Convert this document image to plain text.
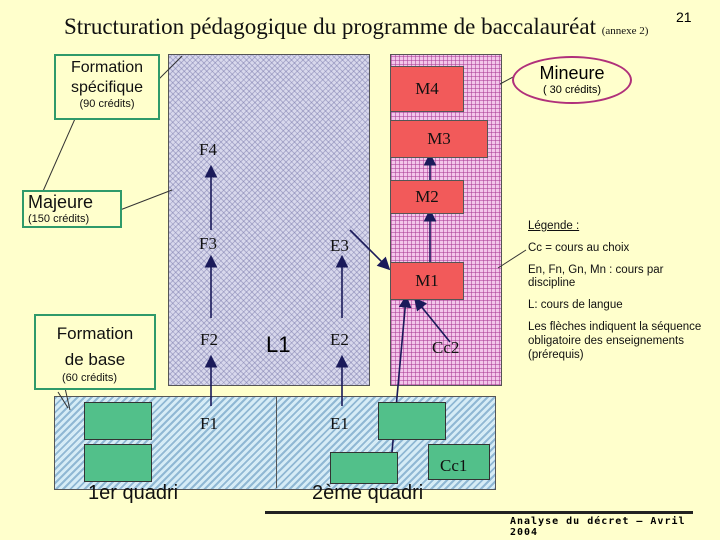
Structuration pédagogique du programme de baccalauréat (annexe 2)
21
M4
M3
M2
M1
F4
F3	E3
F2	E2
F1	E1
L1	Cc2
Cc1
Formation
spécifique
(90 crédits)
Majeure
(150 crédits)
Formation
de base
(60 crédits)
Mineure
( 30 crédits)

Légende :

Cc = cours au choix

En, Fn, Gn, Mn : cours par discipline

L: cours de langue

Les flèches indiquent la séquence obligatoire des enseignements (prérequis)

1er quadri	2ème quadri
Analyse du décret – Avril 2004
